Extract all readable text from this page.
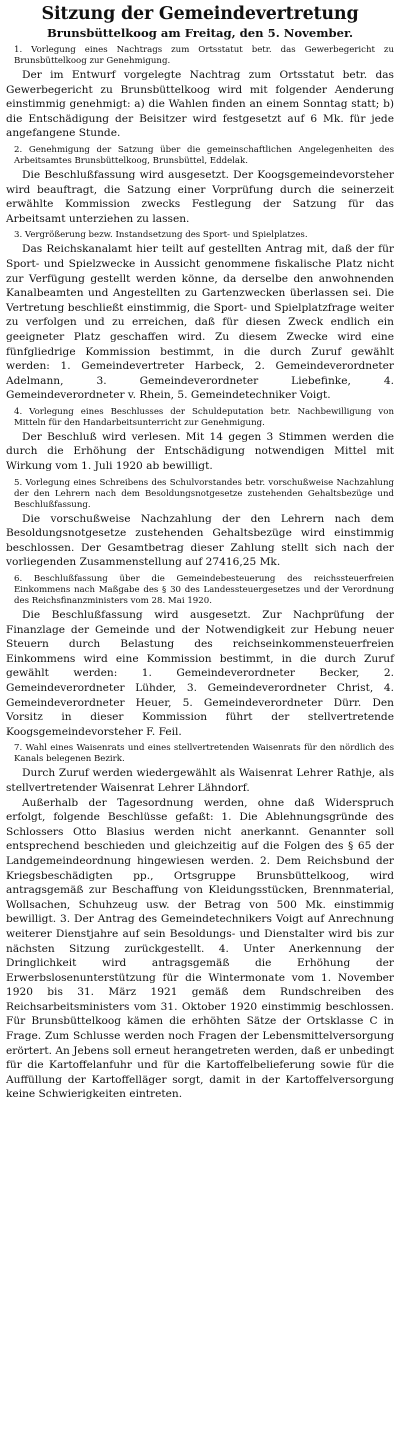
Sitzung der Gemeindevertretung
Brunsbüttelkoog am Freitag, den 5. November.

1. Vorlegung eines Nachtrags zum Ortsstatut betr. das Gewerbegericht zu Brunsbüttelkoog zur Genehmigung.

Der im Entwurf vorgelegte Nachtrag zum Ortsstatut betr. das Gewerbegericht zu Brunsbüttelkoog wird mit folgender Aenderung einstimmig genehmigt: a) die Wahlen finden an einem Sonntag statt; b) die Entschädigung der Beisitzer wird festgesetzt auf 6 Mk. für jede angefangene Stunde.

2. Genehmigung der Satzung über die gemeinschaftlichen Angelegenheiten des Arbeitsamtes Brunsbüttelkoog, Brunsbüttel, Eddelak.

Die Beschlußfassung wird ausgesetzt. Der Koogsgemeindevorsteher wird beauftragt, die Satzung einer Vorprüfung durch die seinerzeit erwählte Kommission zwecks Festlegung der Satzung für das Arbeitsamt unterziehen zu lassen.

3. Vergrößerung bezw. Instandsetzung des Sport- und Spielplatzes.

Das Reichskanalamt hier teilt auf gestellten Antrag mit, daß der für Sport- und Spielzwecke in Aussicht genommene fiskalische Platz nicht zur Verfügung gestellt werden könne, da derselbe den anwohnenden Kanalbeamten und Angestellten zu Gartenzwecken überlassen sei. Die Vertretung beschließt einstimmig, die Sport- und Spielplatzfrage weiter zu verfolgen und zu erreichen, daß für diesen Zweck endlich ein geeigneter Platz geschaffen wird. Zu diesem Zwecke wird eine fünfgliedrige Kommission bestimmt, in die durch Zuruf gewählt werden: 1. Gemeindevertreter Harbeck, 2. Gemeindeverordneter Adelmann, 3. Gemeindeverordneter Liebefinke, 4. Gemeindeverordneter v. Rhein, 5. Gemeindetechniker Voigt.

4. Vorlegung eines Beschlusses der Schuldeputation betr. Nachbewilligung von Mitteln für den Handarbeitsunterricht zur Genehmigung.

Der Beschluß wird verlesen. Mit 14 gegen 3 Stimmen werden die durch die Erhöhung der Entschädigung notwendigen Mittel mit Wirkung vom 1. Juli 1920 ab bewilligt.

5. Vorlegung eines Schreibens des Schulvorstandes betr. vorschußweise Nachzahlung der den Lehrern nach dem Besoldungsnotgesetze zustehenden Gehaltsbezüge und Beschlußfassung.

Die vorschußweise Nachzahlung der den Lehrern nach dem Besoldungsnotgesetze zustehenden Gehaltsbezüge wird einstimmig beschlossen. Der Gesamtbetrag dieser Zahlung stellt sich nach der vorliegenden Zusammenstellung auf 27416,25 Mk.

6. Beschlußfassung über die Gemeindebesteuerung des reichssteuerfreien Einkommens nach Maßgabe des § 30 des Landessteuergesetzes und der Verordnung des Reichsfinanzministers vom 28. Mai 1920.

Die Beschlußfassung wird ausgesetzt. Zur Nachprüfung der Finanzlage der Gemeinde und der Notwendigkeit zur Hebung neuer Steuern durch Belastung des reichseinkommensteuerfreien Einkommens wird eine Kommission bestimmt, in die durch Zuruf gewählt werden: 1. Gemeindeverordneter Becker, 2. Gemeindeverordneter Lühder, 3. Gemeindeverordneter Christ, 4. Gemeindeverordneter Heuer, 5. Gemeindeverordneter Dürr. Den Vorsitz in dieser Kommission führt der stellvertretende Koogsgemeindevorsteher F. Feil.

7. Wahl eines Waisenrats und eines stellvertretenden Waisenrats für den nördlich des Kanals belegenen Bezirk.

Durch Zuruf werden wiedergewählt als Waisenrat Lehrer Rathje, als stellvertretender Waisenrat Lehrer Lähndorf.

Außerhalb der Tagesordnung werden, ohne daß Widerspruch erfolgt, folgende Beschlüsse gefaßt: 1. Die Ablehnungsgründe des Schlossers Otto Blasius werden nicht anerkannt. Genannter soll entsprechend beschieden und gleichzeitig auf die Folgen des § 65 der Landgemeindeordnung hingewiesen werden. 2. Dem Reichsbund der Kriegsbeschädigten pp., Ortsgruppe Brunsbüttelkoog, wird antragsgemäß zur Beschaffung von Kleidungsstücken, Brennmaterial, Wollsachen, Schuhzeug usw. der Betrag von 500 Mk. einstimmig bewilligt. 3. Der Antrag des Gemeindetechnikers Voigt auf Anrechnung weiterer Dienstjahre auf sein Besoldungs- und Dienstalter wird bis zur nächsten Sitzung zurückgestellt. 4. Unter Anerkennung der Dringlichkeit wird antragsgemäß die Erhöhung der Erwerbslosenunterstützung für die Wintermonate vom 1. November 1920 bis 31. März 1921 gemäß dem Rundschreiben des Reichsarbeitsministers vom 31. Oktober 1920 einstimmig beschlossen. Für Brunsbüttelkoog kämen die erhöhten Sätze der Ortsklasse C in Frage. Zum Schlusse werden noch Fragen der Lebensmittelversorgung erörtert. An Jebens soll erneut herangetreten werden, daß er unbedingt für die Kartoffelanfuhr und für die Kartoffelbelieferung sowie für die Auffüllung der Kartoffelläger sorgt, damit in der Kartoffelversorgung keine Schwierigkeiten eintreten.
